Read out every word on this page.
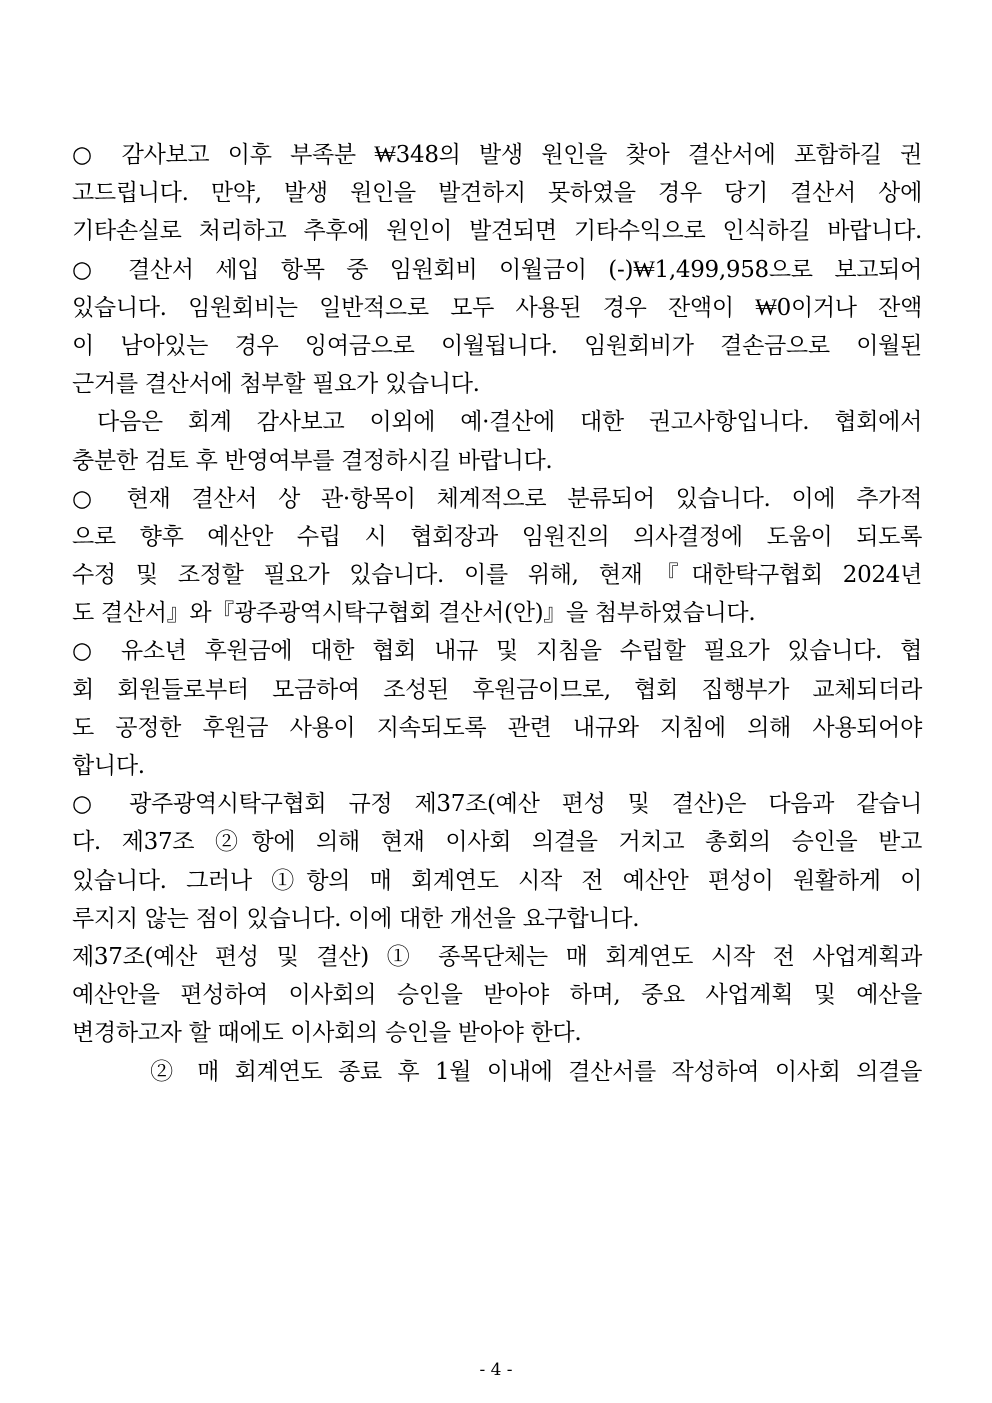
○ 감사보고 이후 부족분 ₩348의 발생 원인을 찾아 결산서에 포함하길 권
고드립니다. 만약, 발생 원인을 발견하지 못하였을 경우 당기 결산서 상에
기타손실로 처리하고 추후에 원인이 발견되면 기타수익으로 인식하길 바랍니다.
○ 결산서 세입 항목 중 임원회비 이월금이 (-)₩1,499,958으로 보고되어
있습니다. 임원회비는 일반적으로 모두 사용된 경우 잔액이 ₩0이거나 잔액
이 남아있는 경우 잉여금으로 이월됩니다. 임원회비가 결손금으로 이월된
근거를 결산서에 첨부할 필요가 있습니다.
다음은 회계 감사보고 이외에 예·결산에 대한 권고사항입니다. 협회에서
충분한 검토 후 반영여부를 결정하시길 바랍니다.
○ 현재 결산서 상 관·항목이 체계적으로 분류되어 있습니다. 이에 추가적
으로 향후 예산안 수립 시 협회장과 임원진의 의사결정에 도움이 되도록
수정 및 조정할 필요가 있습니다. 이를 위해, 현재『대한탁구협회 2024년
도 결산서』와『광주광역시탁구협회 결산서(안)』을 첨부하였습니다.
○ 유소년 후원금에 대한 협회 내규 및 지침을 수립할 필요가 있습니다. 협
회 회원들로부터 모금하여 조성된 후원금이므로, 협회 집행부가 교체되더라
도 공정한 후원금 사용이 지속되도록 관련 내규와 지침에 의해 사용되어야
합니다.
○ 광주광역시탁구협회 규정 제37조(예산 편성 및 결산)은 다음과 같습니
다. 제37조 ②항에 의해 현재 이사회 의결을 거치고 총회의 승인을 받고
있습니다. 그러나 ①항의 매 회계연도 시작 전 예산안 편성이 원활하게 이
루지지 않는 점이 있습니다. 이에 대한 개선을 요구합니다.
제37조(예산 편성 및 결산) ① 종목단체는 매 회계연도 시작 전 사업계획과
예산안을 편성하여 이사회의 승인을 받아야 하며, 중요 사업계획 및 예산을
변경하고자 할 때에도 이사회의 승인을 받아야 한다.
② 매 회계연도 종료 후 1월 이내에 결산서를 작성하여 이사회 의결을
- 4 -
